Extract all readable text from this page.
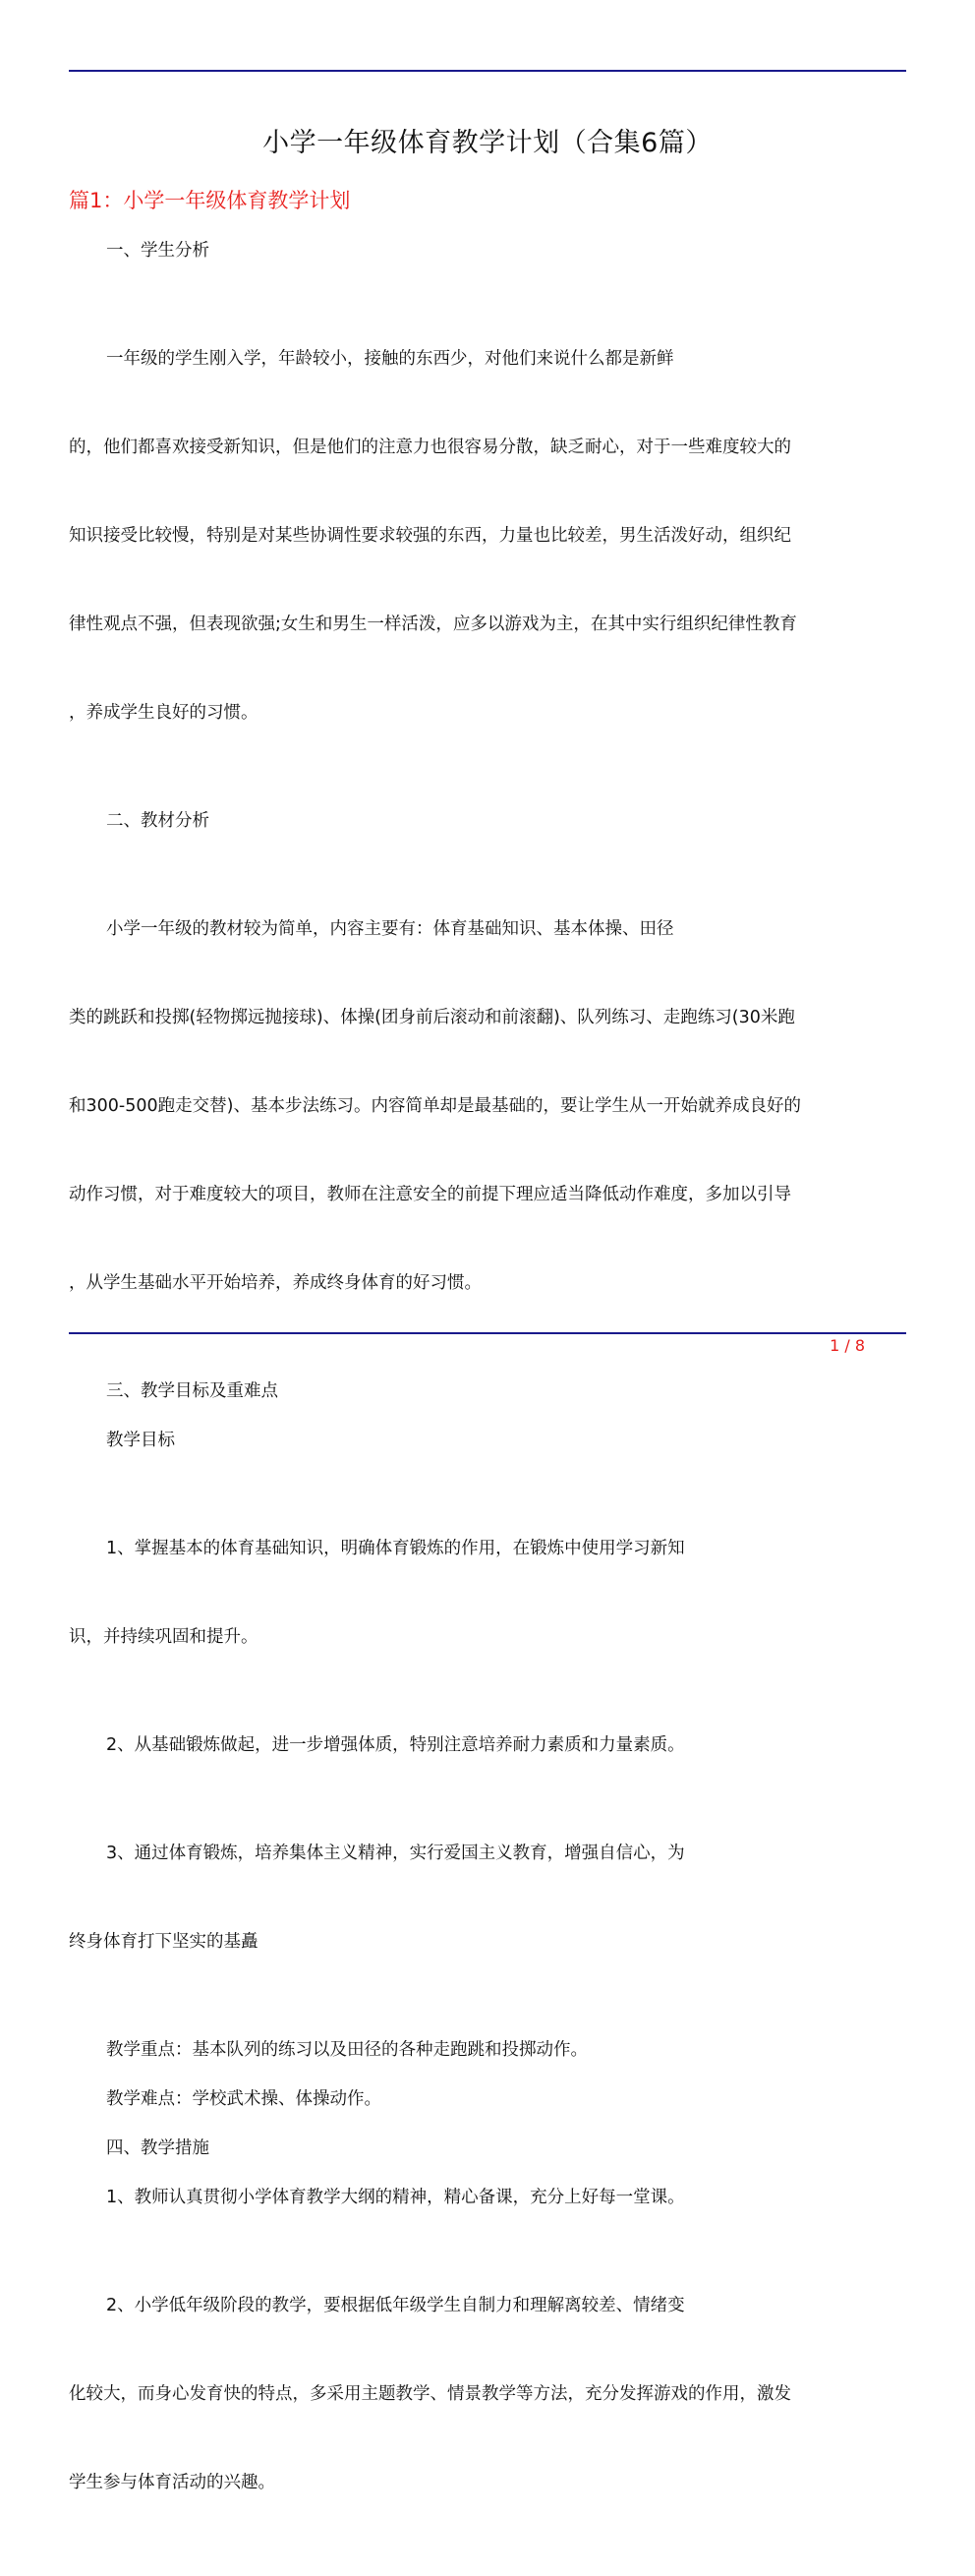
小学一年级体育教学计划（合集6篇）
篇1：小学一年级体育教学计划
一、学生分析

一年级的学生刚入学，年龄较小，接触的东西少，对他们来说什么都是新鲜

的，他们都喜欢接受新知识，但是他们的注意力也很容易分散，缺乏耐心，对于一些难度较大的

知识接受比较慢，特别是对某些协调性要求较强的东西，力量也比较差，男生活泼好动，组织纪

律性观点不强，但表现欲强;女生和男生一样活泼，应多以游戏为主，在其中实行组织纪律性教育

，养成学生良好的习惯。

二、教材分析

小学一年级的教材较为简单，内容主要有：体育基础知识、基本体操、田径

类的跳跃和投掷(轻物掷远抛接球)、体操(团身前后滚动和前滚翻)、队列练习、走跑练习(30米跑

和300-500跑走交替)、基本步法练习。内容简单却是最基础的，要让学生从一开始就养成良好的

动作习惯，对于难度较大的项目，教师在注意安全的前提下理应适当降低动作难度，多加以引导

，从学生基础水平开始培养，养成终身体育的好习惯。

三、教学目标及重难点
教学目标

1、掌握基本的体育基础知识，明确体育锻炼的作用，在锻炼中使用学习新知

识，并持续巩固和提升。

2、从基础锻炼做起，进一步增强体质，特别注意培养耐力素质和力量素质。

3、通过体育锻炼，培养集体主义精神，实行爱国主义教育，增强自信心，为

终身体育打下坚实的基矗

教学重点：基本队列的练习以及田径的各种走跑跳和投掷动作。
教学难点：学校武术操、体操动作。
四、教学措施
1、教师认真贯彻小学体育教学大纲的精神，精心备课，充分上好每一堂课。

2、小学低年级阶段的教学，要根据低年级学生自制力和理解离较差、情绪变

化较大，而身心发育快的特点，多采用主题教学、情景教学等方法，充分发挥游戏的作用，激发

学生参与体育活动的兴趣。

1 / 8
